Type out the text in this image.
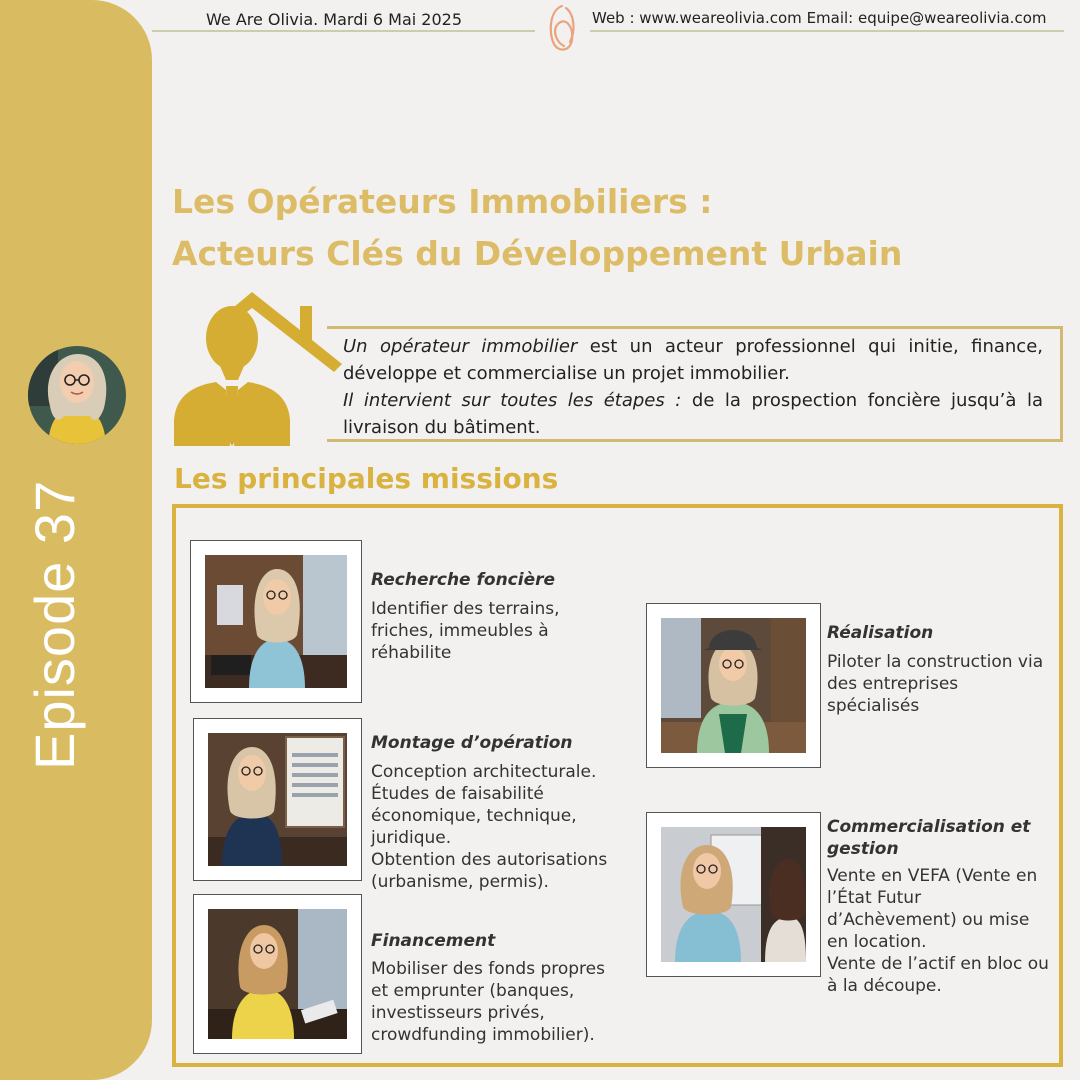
Episode 37
We Are Olivia. Mardi 6 Mai 2025	Web : www.weareolivia.com Email: equipe@weareolivia.com
Les Opérateurs Immobiliers :
Acteurs Clés du Développement Urbain
Un opérateur immobilier est un acteur professionnel qui initie, finance, développe et commercialise un projet immobilier.
Il intervient sur toutes les étapes : de la prospection foncière jusqu’à la livraison du bâtiment.
Les principales missions
Recherche foncière
Identifier des terrains,
friches, immeubles à
réhabilite
Montage d’opération
Conception architecturale.
Études de faisabilité
économique, technique,
juridique.
Obtention des autorisations
(urbanisme, permis).
Financement
Mobiliser des fonds propres
et emprunter (banques,
investisseurs privés,
crowdfunding immobilier).
Réalisation
Piloter la construction via
des entreprises
spécialisés
Commercialisation et
gestion
Vente en VEFA (Vente en
l’État Futur
d’Achèvement) ou mise
en location.
Vente de l’actif en bloc ou
à la découpe.
